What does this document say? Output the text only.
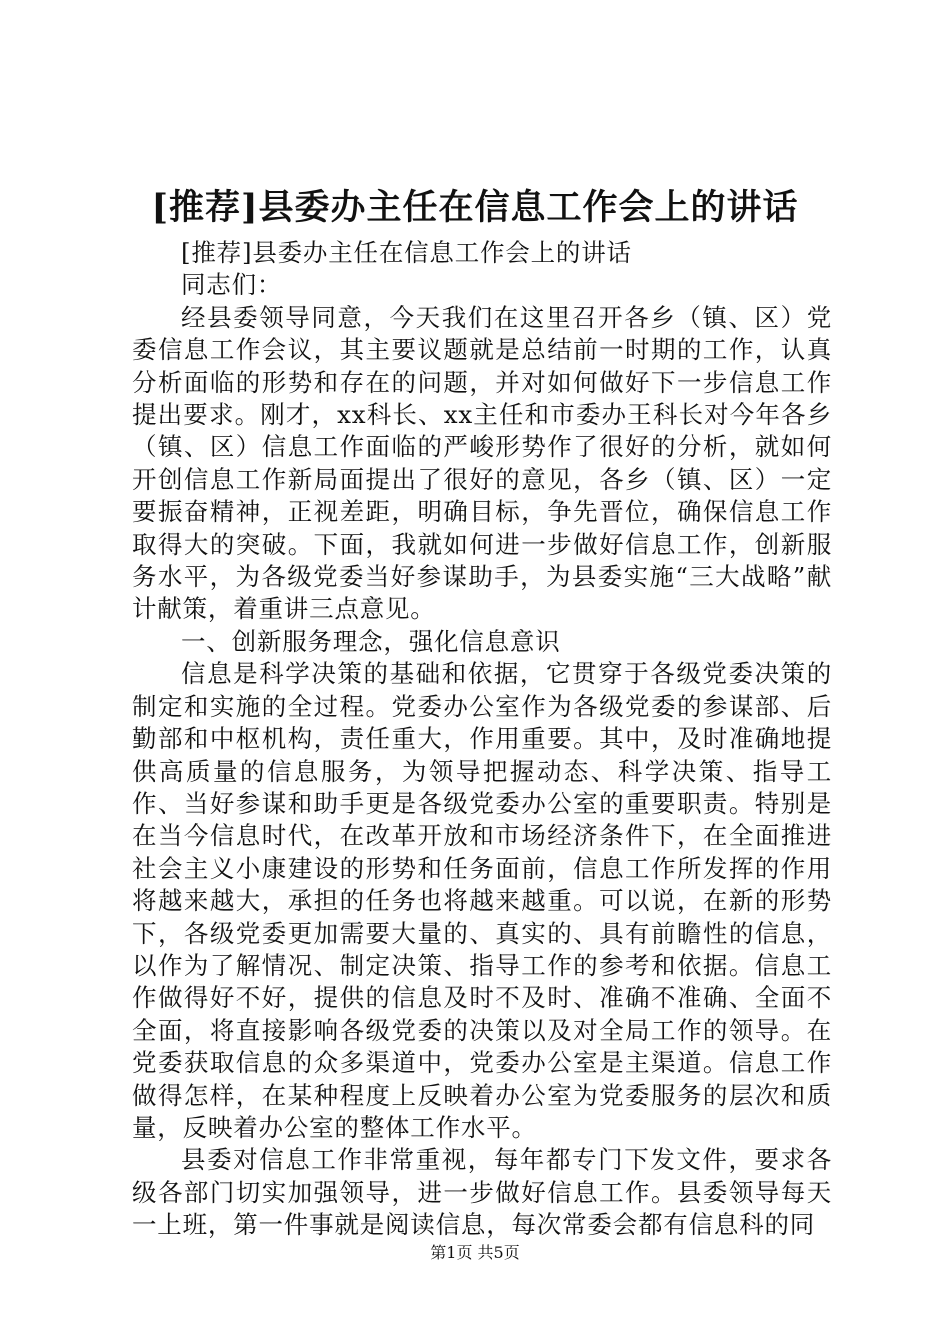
[推荐]县委办主任在信息工作会上的讲话

[推荐]县委办主任在信息工作会上的讲话

同志们：

经县委领导同意，今天我们在这里召开各乡（镇、区）党委信息工作会议，其主要议题就是总结前一时期的工作，认真分析面临的形势和存在的问题，并对如何做好下一步信息工作提出要求。刚才，xx科长、xx主任和市委办王科长对今年各乡（镇、区）信息工作面临的严峻形势作了很好的分析，就如何开创信息工作新局面提出了很好的意见，各乡（镇、区）一定要振奋精神，正视差距，明确目标，争先晋位，确保信息工作取得大的突破。下面，我就如何进一步做好信息工作，创新服务水平，为各级党委当好参谋助手，为县委实施“三大战略”献计献策，着重讲三点意见。

一、创新服务理念，强化信息意识

信息是科学决策的基础和依据，它贯穿于各级党委决策的制定和实施的全过程。党委办公室作为各级党委的参谋部、后勤部和中枢机构，责任重大，作用重要。其中，及时准确地提供高质量的信息服务，为领导把握动态、科学决策、指导工作、当好参谋和助手更是各级党委办公室的重要职责。特别是在当今信息时代，在改革开放和市场经济条件下，在全面推进社会主义小康建设的形势和任务面前，信息工作所发挥的作用将越来越大，承担的任务也将越来越重。可以说，在新的形势下，各级党委更加需要大量的、真实的、具有前瞻性的信息，以作为了解情况、制定决策、指导工作的参考和依据。信息工作做得好不好，提供的信息及时不及时、准确不准确、全面不全面，将直接影响各级党委的决策以及对全局工作的领导。在党委获取信息的众多渠道中，党委办公室是主渠道。信息工作做得怎样，在某种程度上反映着办公室为党委服务的层次和质量，反映着办公室的整体工作水平。

县委对信息工作非常重视，每年都专门下发文件，要求各级各部门切实加强领导，进一步做好信息工作。县委领导每天一上班，第一件事就是阅读信息，每次常委会都有信息科的同

第1页 共5页
